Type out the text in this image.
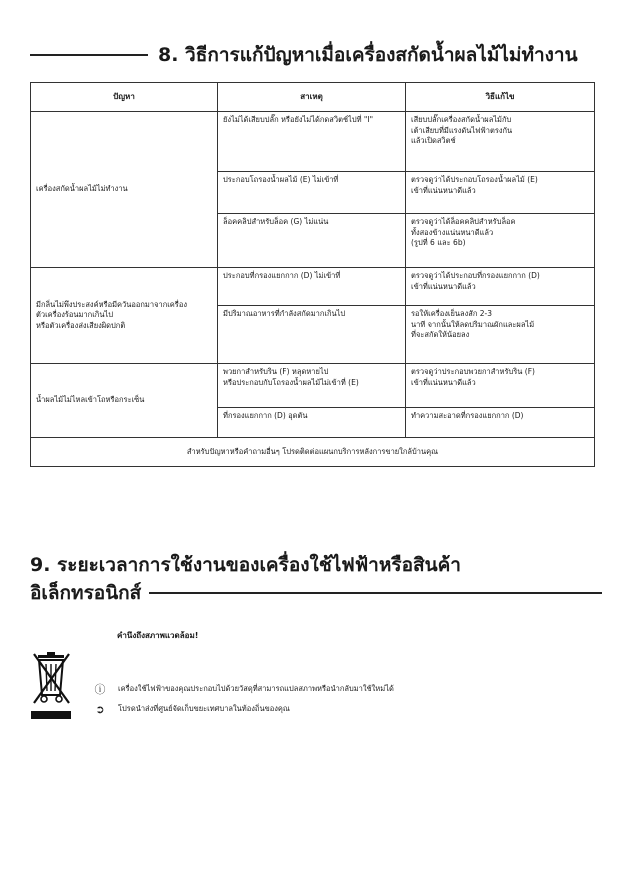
8. วิธีการแก้ปัญหาเมื่อเครื่องสกัดน้ำผลไม้ไม่ทำงาน
ปัญหา	สาเหตุ	วิธีแก้ไข
เครื่องสกัดน้ำผลไม้ไม่ทำงาน	ยังไม่ได้เสียบปลั๊ก หรือยังไม่ได้กดสวิตช์ไปที่ "I"	เสียบปลั๊กเครื่องสกัดน้ำผลไม้กับ
เต้าเสียบที่มีแรงดันไฟฟ้าตรงกัน
แล้วเปิดสวิตช์
	ประกอบโถรองน้ำผลไม้ (E) ไม่เข้าที่	ตรวจดูว่าได้ประกอบโถรองน้ำผลไม้ (E)
เข้าที่แน่นหนาดีแล้ว
	ล็อคคลิปสำหรับล็อค (G) ไม่แน่น	ตรวจดูว่าได้ล็อคคลิปสำหรับล็อค
ทั้งสองข้างแน่นหนาดีแล้ว
(รูปที่ 6 และ 6b)
มีกลิ่นไม่พึงประสงค์หรือมีควันออกมาจากเครื่อง
ตัวเครื่องร้อนมากเกินไป
หรือตัวเครื่องส่งเสียงผิดปกติ	ประกอบที่กรองแยกกาก (D) ไม่เข้าที่	ตรวจดูว่าได้ประกอบที่กรองแยกกาก (D)
เข้าที่แน่นหนาดีแล้ว
	มีปริมาณอาหารที่กำลังสกัดมากเกินไป	รอให้เครื่องเย็นลงสัก 2-3
นาที จากนั้นให้ลดปริมาณผักและผลไม้
ที่จะสกัดให้น้อยลง
น้ำผลไม้ไม่ไหลเข้าโถหรือกระเซ็น	พวยกาสำหรับริน (F) หลุดหายไป
หรือประกอบกับโถรองน้ำผลไม้ไม่เข้าที่ (E)	ตรวจดูว่าประกอบพวยกาสำหรับริน (F)
เข้าที่แน่นหนาดีแล้ว
	ที่กรองแยกกาก (D) อุดตัน	ทำความสะอาดที่กรองแยกกาก (D)
สำหรับปัญหาหรือคำถามอื่นๆ โปรดติดต่อแผนกบริการหลังการขายใกล้บ้านคุณ		
9. ระยะเวลาการใช้งานของเครื่องใช้ไฟฟ้าหรือสินค้า
อิเล็กทรอนิกส์
คำนึงถึงสภาพแวดล้อม!
ⓘ	เครื่องใช้ไฟฟ้าของคุณประกอบไปด้วยวัสดุที่สามารถแปลสภาพหรือนำกลับมาใช้ใหม่ได้
➲	โปรดนำส่งที่ศูนย์จัดเก็บขยะเทศบาลในท้องถิ่นของคุณ
